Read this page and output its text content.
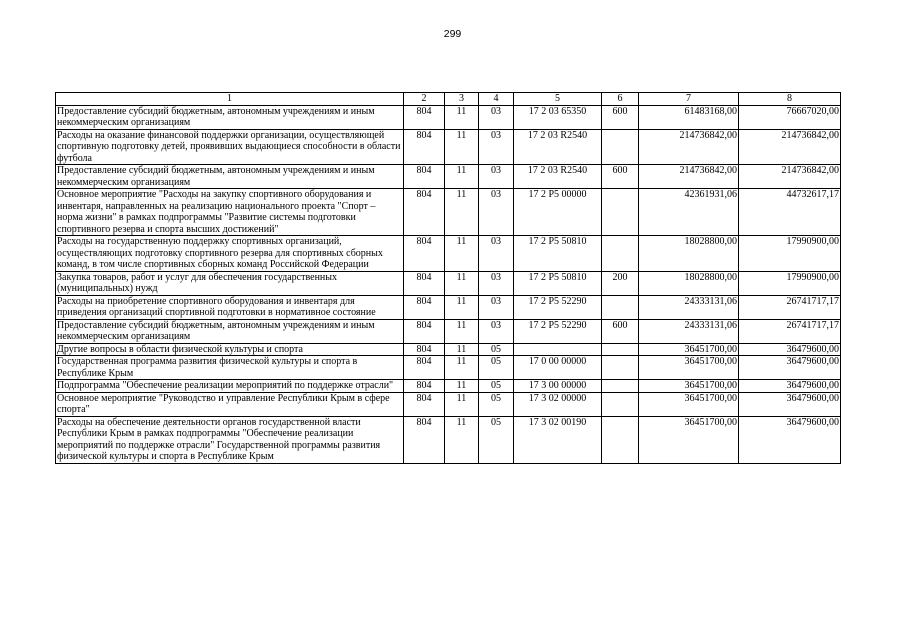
299
1	2	3	4	5	6	7	8
Предоставление субсидий бюджетным, автономным учреждениям и иным некоммерческим организациям	804	11	03	17 2 03 65350	600	61483168,00	76667020,00
Расходы на оказание финансовой поддержки организации, осуществляющей спортивную подготовку детей, проявивших выдающиеся способности в области футбола	804	11	03	17 2 03 R2540		214736842,00	214736842,00
Предоставление субсидий бюджетным, автономным учреждениям и иным некоммерческим организациям	804	11	03	17 2 03 R2540	600	214736842,00	214736842,00
Основное мероприятие "Расходы на закупку спортивного оборудования и инвентаря, направленных на реализацию национального проекта "Спорт – норма жизни" в рамках подпрограммы "Развитие системы подготовки спортивного резерва и спорта высших достижений"	804	11	03	17 2 P5 00000		42361931,06	44732617,17
Расходы на государственную поддержку спортивных организаций, осуществляющих подготовку спортивного резерва для спортивных сборных команд, в том числе спортивных сборных команд Российской Федерации	804	11	03	17 2 P5 50810		18028800,00	17990900,00
Закупка товаров, работ и услуг для обеспечения государственных (муниципальных) нужд	804	11	03	17 2 P5 50810	200	18028800,00	17990900,00
Расходы на приобретение спортивного оборудования и инвентаря для приведения организаций спортивной подготовки в нормативное состояние	804	11	03	17 2 P5 52290		24333131,06	26741717,17
Предоставление субсидий бюджетным, автономным учреждениям и иным некоммерческим организациям	804	11	03	17 2 P5 52290	600	24333131,06	26741717,17
Другие вопросы в области физической культуры и спорта	804	11	05			36451700,00	36479600,00
Государственная программа развития физической культуры и спорта в Республике Крым	804	11	05	17 0 00 00000		36451700,00	36479600,00
Подпрограмма "Обеспечение реализации мероприятий по поддержке отрасли"	804	11	05	17 3 00 00000		36451700,00	36479600,00
Основное мероприятие "Руководство и управление Республики Крым в сфере спорта"	804	11	05	17 3 02 00000		36451700,00	36479600,00
Расходы на обеспечение деятельности органов государственной власти Республики Крым в рамках подпрограммы "Обеспечение реализации мероприятий по поддержке отрасли" Государственной программы развития физической культуры и спорта в Республике Крым	804	11	05	17 3 02 00190		36451700,00	36479600,00
